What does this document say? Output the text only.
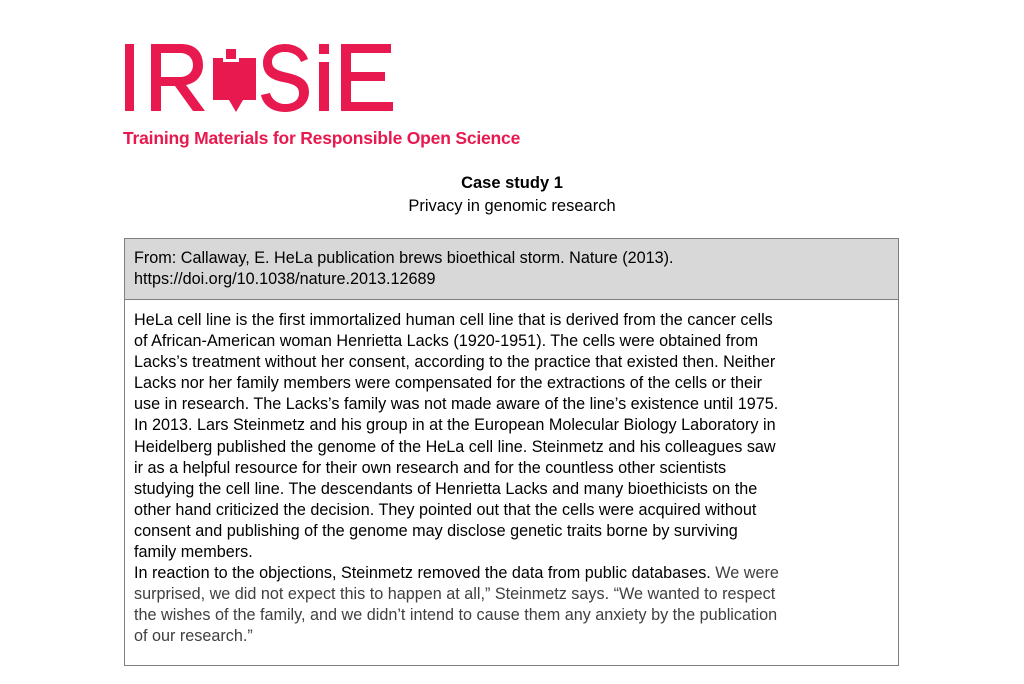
Training Materials for Responsible Open Science
Case study 1
Privacy in genomic research
From: Callaway, E. HeLa publication brews bioethical storm. Nature (2013).
https://doi.org/10.1038/nature.2013.12689
HeLa cell line is the first immortalized human cell line that is derived from the cancer cells
of African-American woman Henrietta Lacks (1920-1951). The cells were obtained from
Lacks’s treatment without her consent, according to the practice that existed then. Neither
Lacks nor her family members were compensated for the extractions of the cells or their
use in research. The Lacks’s family was not made aware of the line’s existence until 1975.
In 2013. Lars Steinmetz and his group in at the European Molecular Biology Laboratory in
Heidelberg published the genome of the HeLa cell line. Steinmetz and his colleagues saw
ir as a helpful resource for their own research and for the countless other scientists
studying the cell line. The descendants of Henrietta Lacks and many bioethicists on the
other hand criticized the decision. They pointed out that the cells were acquired without
consent and publishing of the genome may disclose genetic traits borne by surviving
family members.
In reaction to the objections, Steinmetz removed the data from public databases. We were
surprised, we did not expect this to happen at all,” Steinmetz says. “We wanted to respect
the wishes of the family, and we didn’t intend to cause them any anxiety by the publication
of our research.”
